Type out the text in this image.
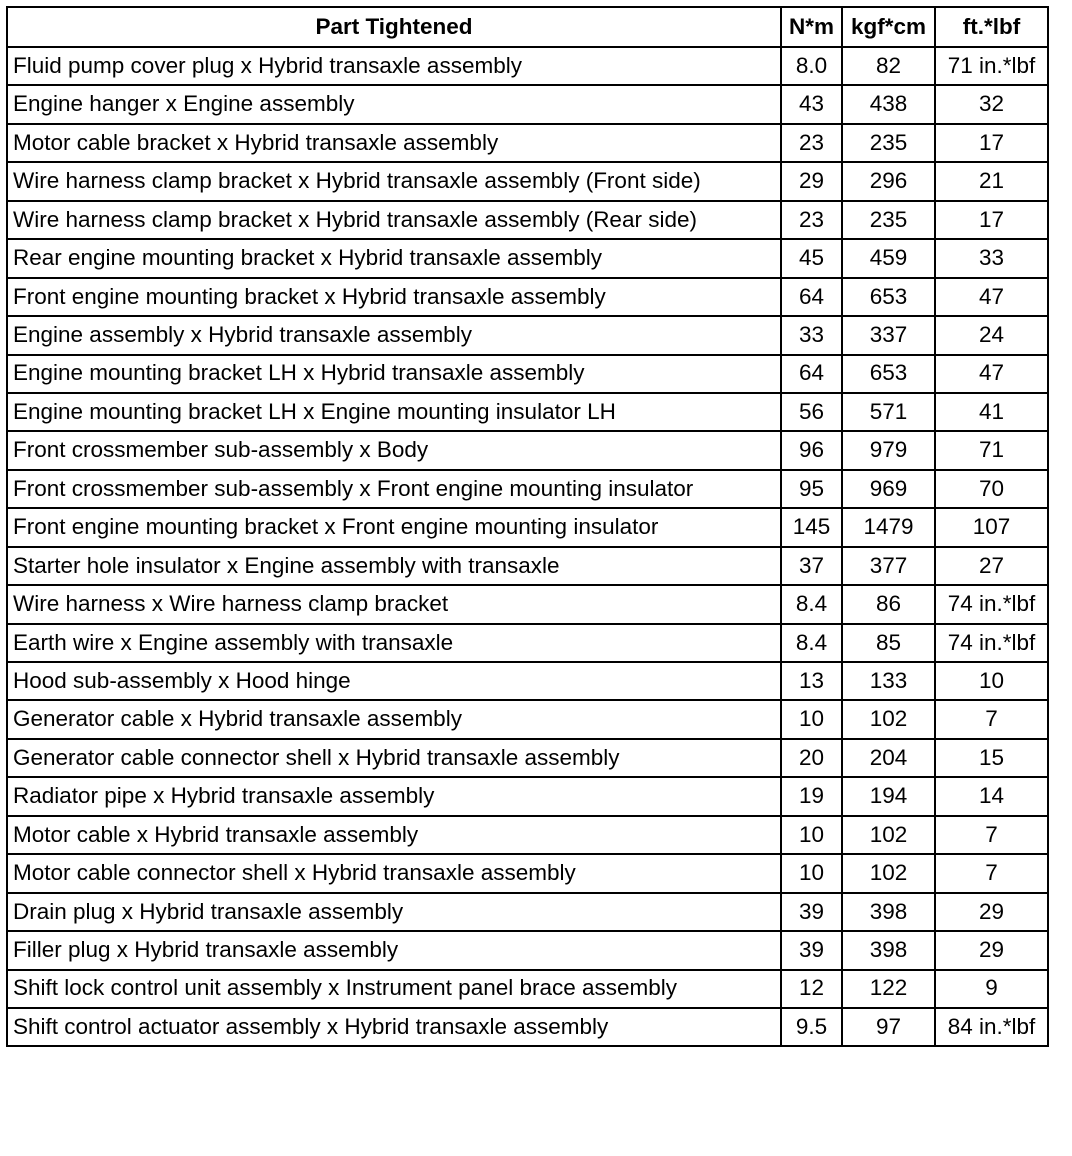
Part Tightened	N*m	kgf*cm	ft.*lbf
Fluid pump cover plug x Hybrid transaxle assembly	8.0	82	71 in.*lbf
Engine hanger x Engine assembly	43	438	32
Motor cable bracket x Hybrid transaxle assembly	23	235	17
Wire harness clamp bracket x Hybrid transaxle assembly (Front side)	29	296	21
Wire harness clamp bracket x Hybrid transaxle assembly (Rear side)	23	235	17
Rear engine mounting bracket x Hybrid transaxle assembly	45	459	33
Front engine mounting bracket x Hybrid transaxle assembly	64	653	47
Engine assembly x Hybrid transaxle assembly	33	337	24
Engine mounting bracket LH x Hybrid transaxle assembly	64	653	47
Engine mounting bracket LH x Engine mounting insulator LH	56	571	41
Front crossmember sub-assembly x Body	96	979	71
Front crossmember sub-assembly x Front engine mounting insulator	95	969	70
Front engine mounting bracket x Front engine mounting insulator	145	1479	107
Starter hole insulator x Engine assembly with transaxle	37	377	27
Wire harness x Wire harness clamp bracket	8.4	86	74 in.*lbf
Earth wire x Engine assembly with transaxle	8.4	85	74 in.*lbf
Hood sub-assembly x Hood hinge	13	133	10
Generator cable x Hybrid transaxle assembly	10	102	7
Generator cable connector shell x Hybrid transaxle assembly	20	204	15
Radiator pipe x Hybrid transaxle assembly	19	194	14
Motor cable x Hybrid transaxle assembly	10	102	7
Motor cable connector shell x Hybrid transaxle assembly	10	102	7
Drain plug x Hybrid transaxle assembly	39	398	29
Filler plug x Hybrid transaxle assembly	39	398	29
Shift lock control unit assembly x Instrument panel brace assembly	12	122	9
Shift control actuator assembly x Hybrid transaxle assembly	9.5	97	84 in.*lbf
